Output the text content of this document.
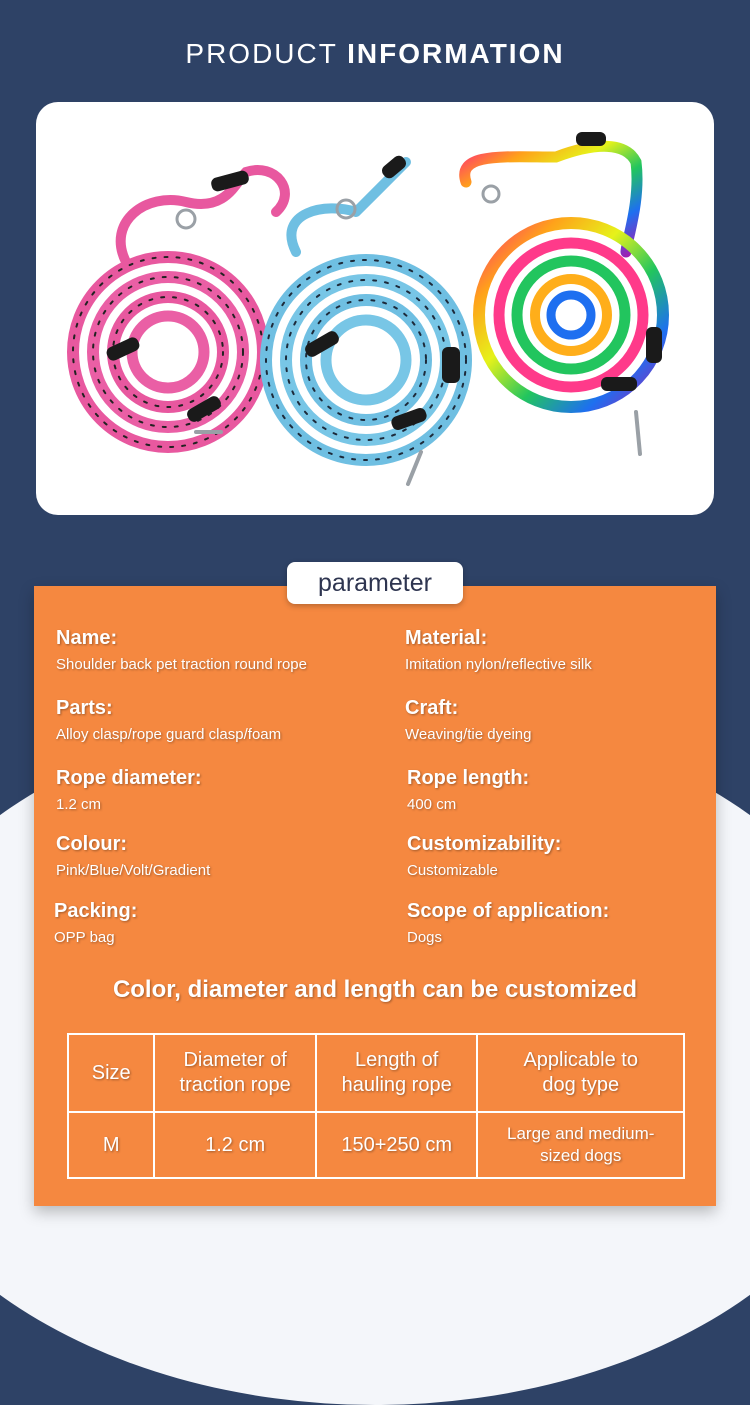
PRODUCT INFORMATION
parameter
Name:
Shoulder back pet traction round rope
Material:
Imitation nylon/reflective silk
Parts:
Alloy clasp/rope guard clasp/foam
Craft:
Weaving/tie dyeing
Rope diameter:
1.2 cm
Rope length:
400 cm
Colour:
Pink/Blue/Volt/Gradient
Customizability:
Customizable
Packing:
OPP bag
Scope of application:
Dogs
Color, diameter and length can be customized
Size	Diameter of traction rope	Length of hauling rope	Applicable to dog type

M	1.2 cm	150+250 cm	Large and medium-sized dogs
